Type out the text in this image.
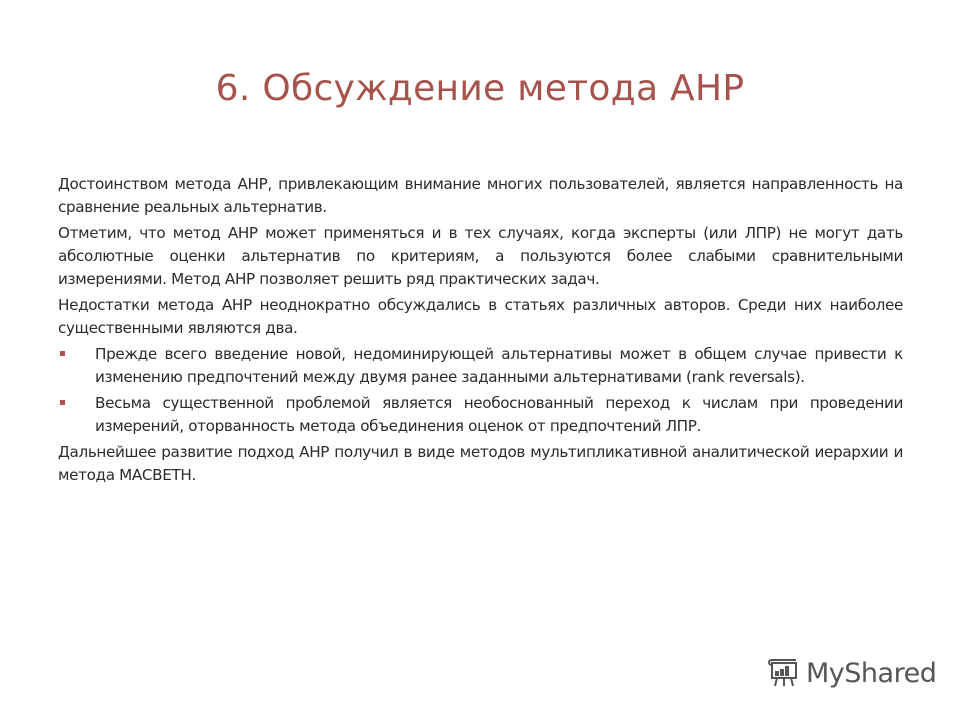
6. Обсуждение метода АНР

Достоинством метода АНР, привлекающим внимание многих пользователей, является направленность на сравнение реальных альтернатив.

Отметим, что метод АНР может применяться и в тех случаях, когда эксперты (или ЛПР) не могут дать абсолютные оценки альтернатив по критериям, а пользуются более слабыми сравнительными измерениями. Метод АНР позволяет решить ряд практических задач.

Недостатки метода АНР неоднократно обсуждались в статьях различных авторов. Среди них наиболее существенными являются два.

Прежде всего введение новой, недоминирующей альтернативы может в общем случае привести к изменению предпочтений между двумя ранее заданными альтернативами (rank reversals).
Весьма существенной проблемой является необоснованный переход к числам при проведении измерений, оторванность метода объединения оценок от предпочтений ЛПР.

Дальнейшее развитие подход АНР получил в виде методов мультипликативной аналитической иерархии и метода МАСВЕТН.

MyShared
